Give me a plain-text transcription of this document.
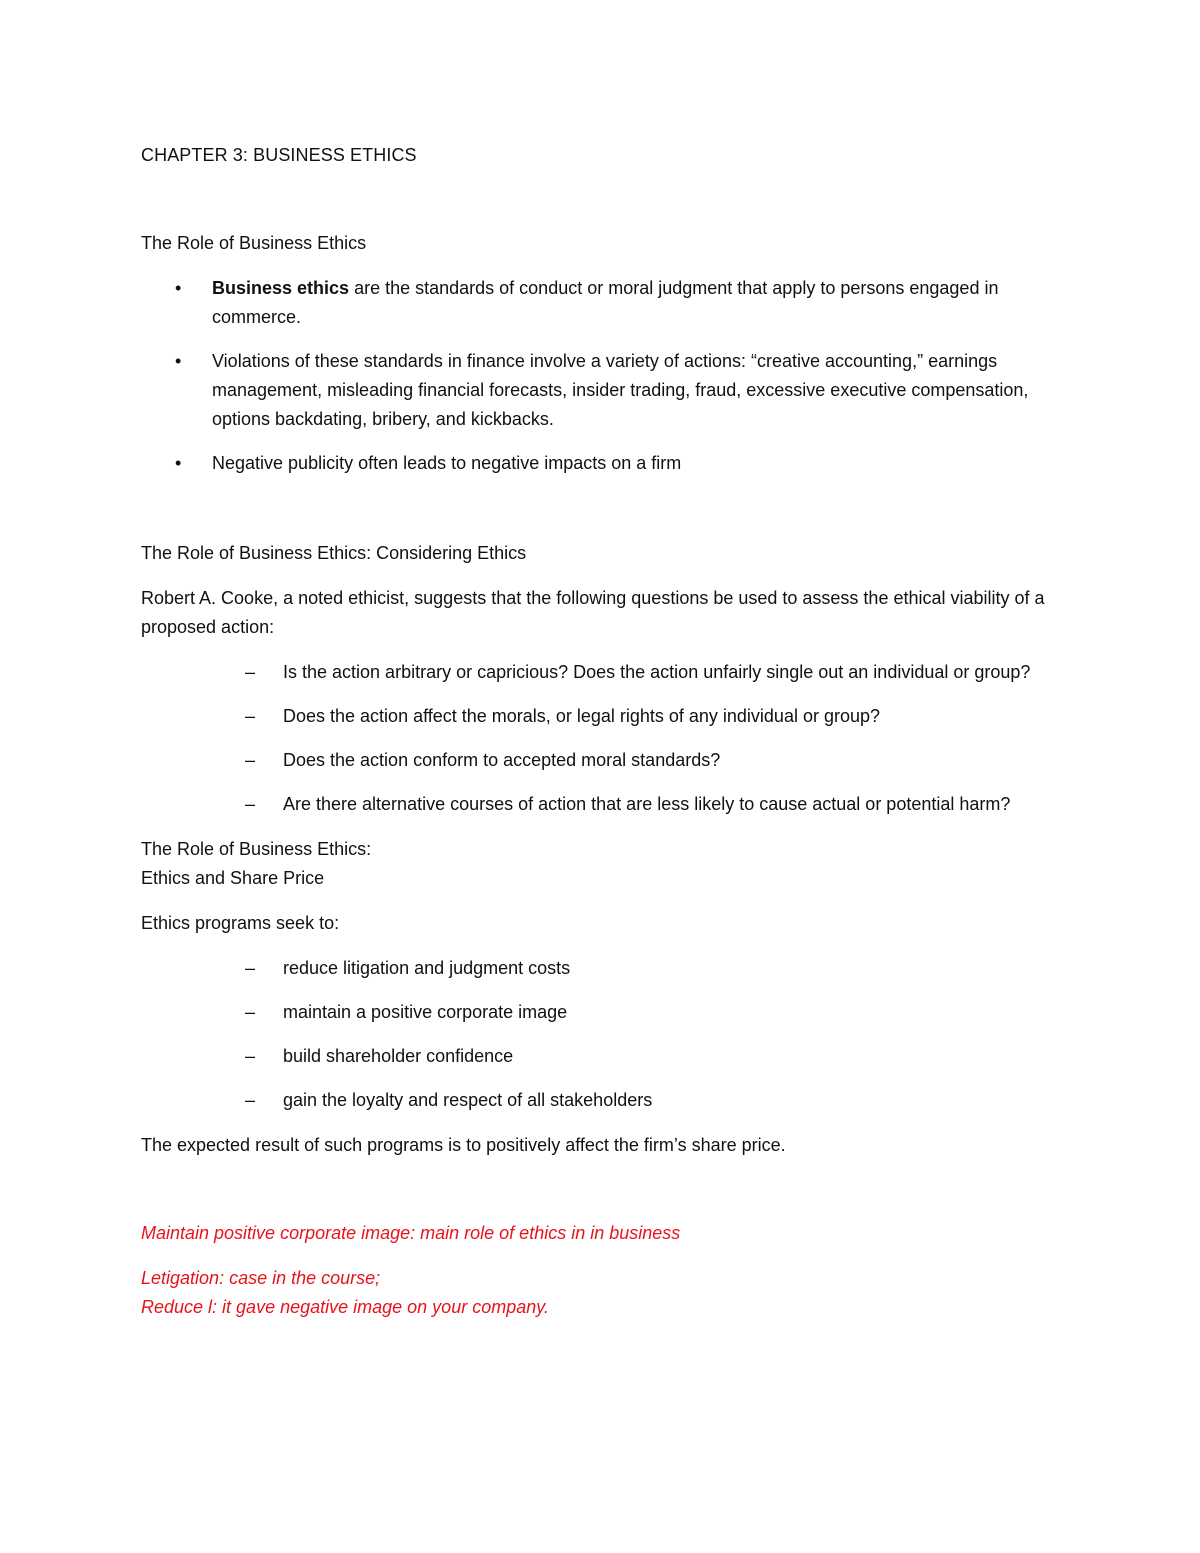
CHAPTER 3: BUSINESS ETHICS

The Role of Business Ethics

• Business ethics are the standards of conduct or moral judgment that apply to persons engaged in commerce.
• Violations of these standards in finance involve a variety of actions: “creative accounting,” earnings management, misleading financial forecasts, insider trading, fraud, excessive executive compensation, options backdating, bribery, and kickbacks.
• Negative publicity often leads to negative impacts on a firm

The Role of Business Ethics: Considering Ethics

Robert A. Cooke, a noted ethicist, suggests that the following questions be used to assess the ethical viability of a proposed action:

– Is the action arbitrary or capricious? Does the action unfairly single out an individual or group?
– Does the action affect the morals, or legal rights of any individual or group?
– Does the action conform to accepted moral standards?
– Are there alternative courses of action that are less likely to cause actual or potential harm?

The Role of Business Ethics:
Ethics and Share Price

Ethics programs seek to:

– reduce litigation and judgment costs
– maintain a positive corporate image
– build shareholder confidence
– gain the loyalty and respect of all stakeholders

The expected result of such programs is to positively affect the firm’s share price.

Maintain positive corporate image: main role of ethics in in business

Letigation: case in the course;
Reduce l: it gave negative image on your company.
